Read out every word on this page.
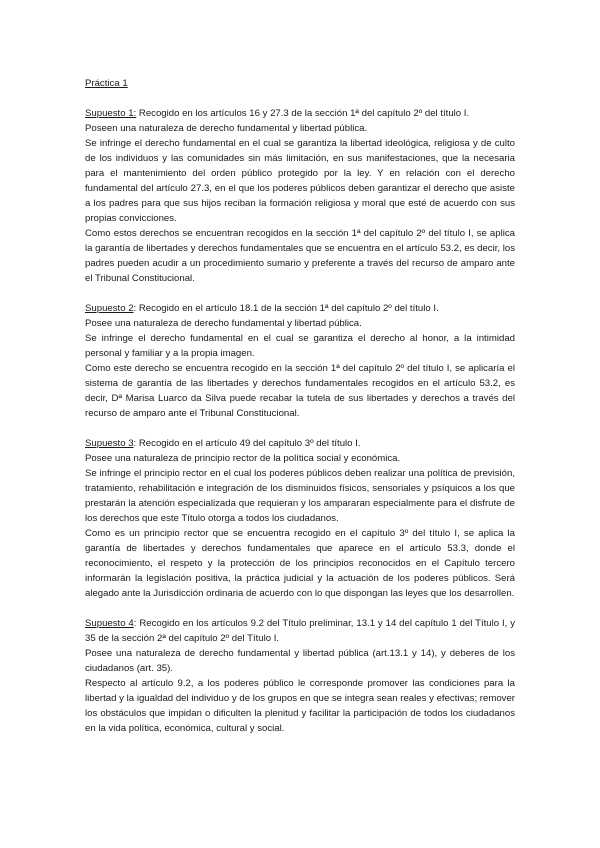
Práctica 1

Supuesto 1: Recogido en los artículos 16 y 27.3 de la sección 1ª del capítulo 2º del título I.

Poseen una naturaleza de derecho fundamental y libertad pública.

Se infringe el derecho fundamental en el cual se garantiza la libertad ideológica, religiosa y de culto de los individuos y las comunidades sin más limitación, en sus manifestaciones, que la necesaria para el mantenimiento del orden público protegido por la ley. Y en relación con el derecho fundamental del artículo 27.3, en el que los poderes públicos deben garantizar el derecho que asiste a los padres para que sus hijos reciban la formación religiosa y moral que esté de acuerdo con sus propias convicciones.

Como estos derechos se encuentran recogidos en la sección 1ª del capítulo 2º del título I, se aplica la garantía de libertades y derechos fundamentales que se encuentra en el artículo 53.2, es decir, los padres pueden acudir a un procedimiento sumario y preferente a través del recurso de amparo ante el Tribunal Constitucional.

Supuesto 2: Recogido en el artículo 18.1 de la sección 1ª del capítulo 2º del título I.

Posee una naturaleza de derecho fundamental y libertad pública.

Se infringe el derecho fundamental en el cual se garantiza el derecho al honor, a la intimidad personal y familiar y a la propia imagen.

Como este derecho se encuentra recogido en la sección 1ª del capítulo 2º del título I, se aplicaría el sistema de garantía de las libertades y derechos fundamentales recogidos en el artículo 53.2, es decir, Dª Marisa Luarco da Silva puede recabar la tutela de sus libertades y derechos a través del recurso de amparo ante el Tribunal Constitucional.

Supuesto 3: Recogido en el artículo 49 del capítulo 3º del título I.

Posee una naturaleza de principio rector de la política social y económica.

Se infringe el principio rector en el cual los poderes públicos deben realizar una política de previsión, tratamiento, rehabilitación e integración de los disminuidos físicos, sensoriales y psíquicos a los que prestarán la atención especializada que requieran y los ampararan especialmente para el disfrute de los derechos que este Título otorga a todos los ciudadanos.

Como es un principio rector que se encuentra recogido en el capítulo 3º del título I, se aplica la garantía de libertades y derechos fundamentales que aparece en el artículo 53.3, donde el reconocimiento, el respeto y la protección de los principios reconocidos en el Capítulo tercero informarán la legislación positiva, la práctica judicial y la actuación de los poderes públicos. Será alegado ante la Jurisdicción ordinaria de acuerdo con lo que dispongan las leyes que los desarrollen.

Supuesto 4: Recogido en los artículos 9.2 del Título preliminar, 13.1 y 14 del capítulo 1 del Título I, y 35 de la sección 2ª del capítulo 2º del Título I.

Posee una naturaleza de derecho fundamental y libertad pública (art.13.1 y 14), y deberes de los ciudadanos (art. 35).

Respecto al artículo 9.2, a los poderes público le corresponde promover las condiciones para la libertad y la igualdad del individuo y de los grupos en que se integra sean reales y efectivas; remover los obstáculos que impidan o dificulten la plenitud y facilitar la participación de todos los ciudadanos en la vida política, económica, cultural y social.
